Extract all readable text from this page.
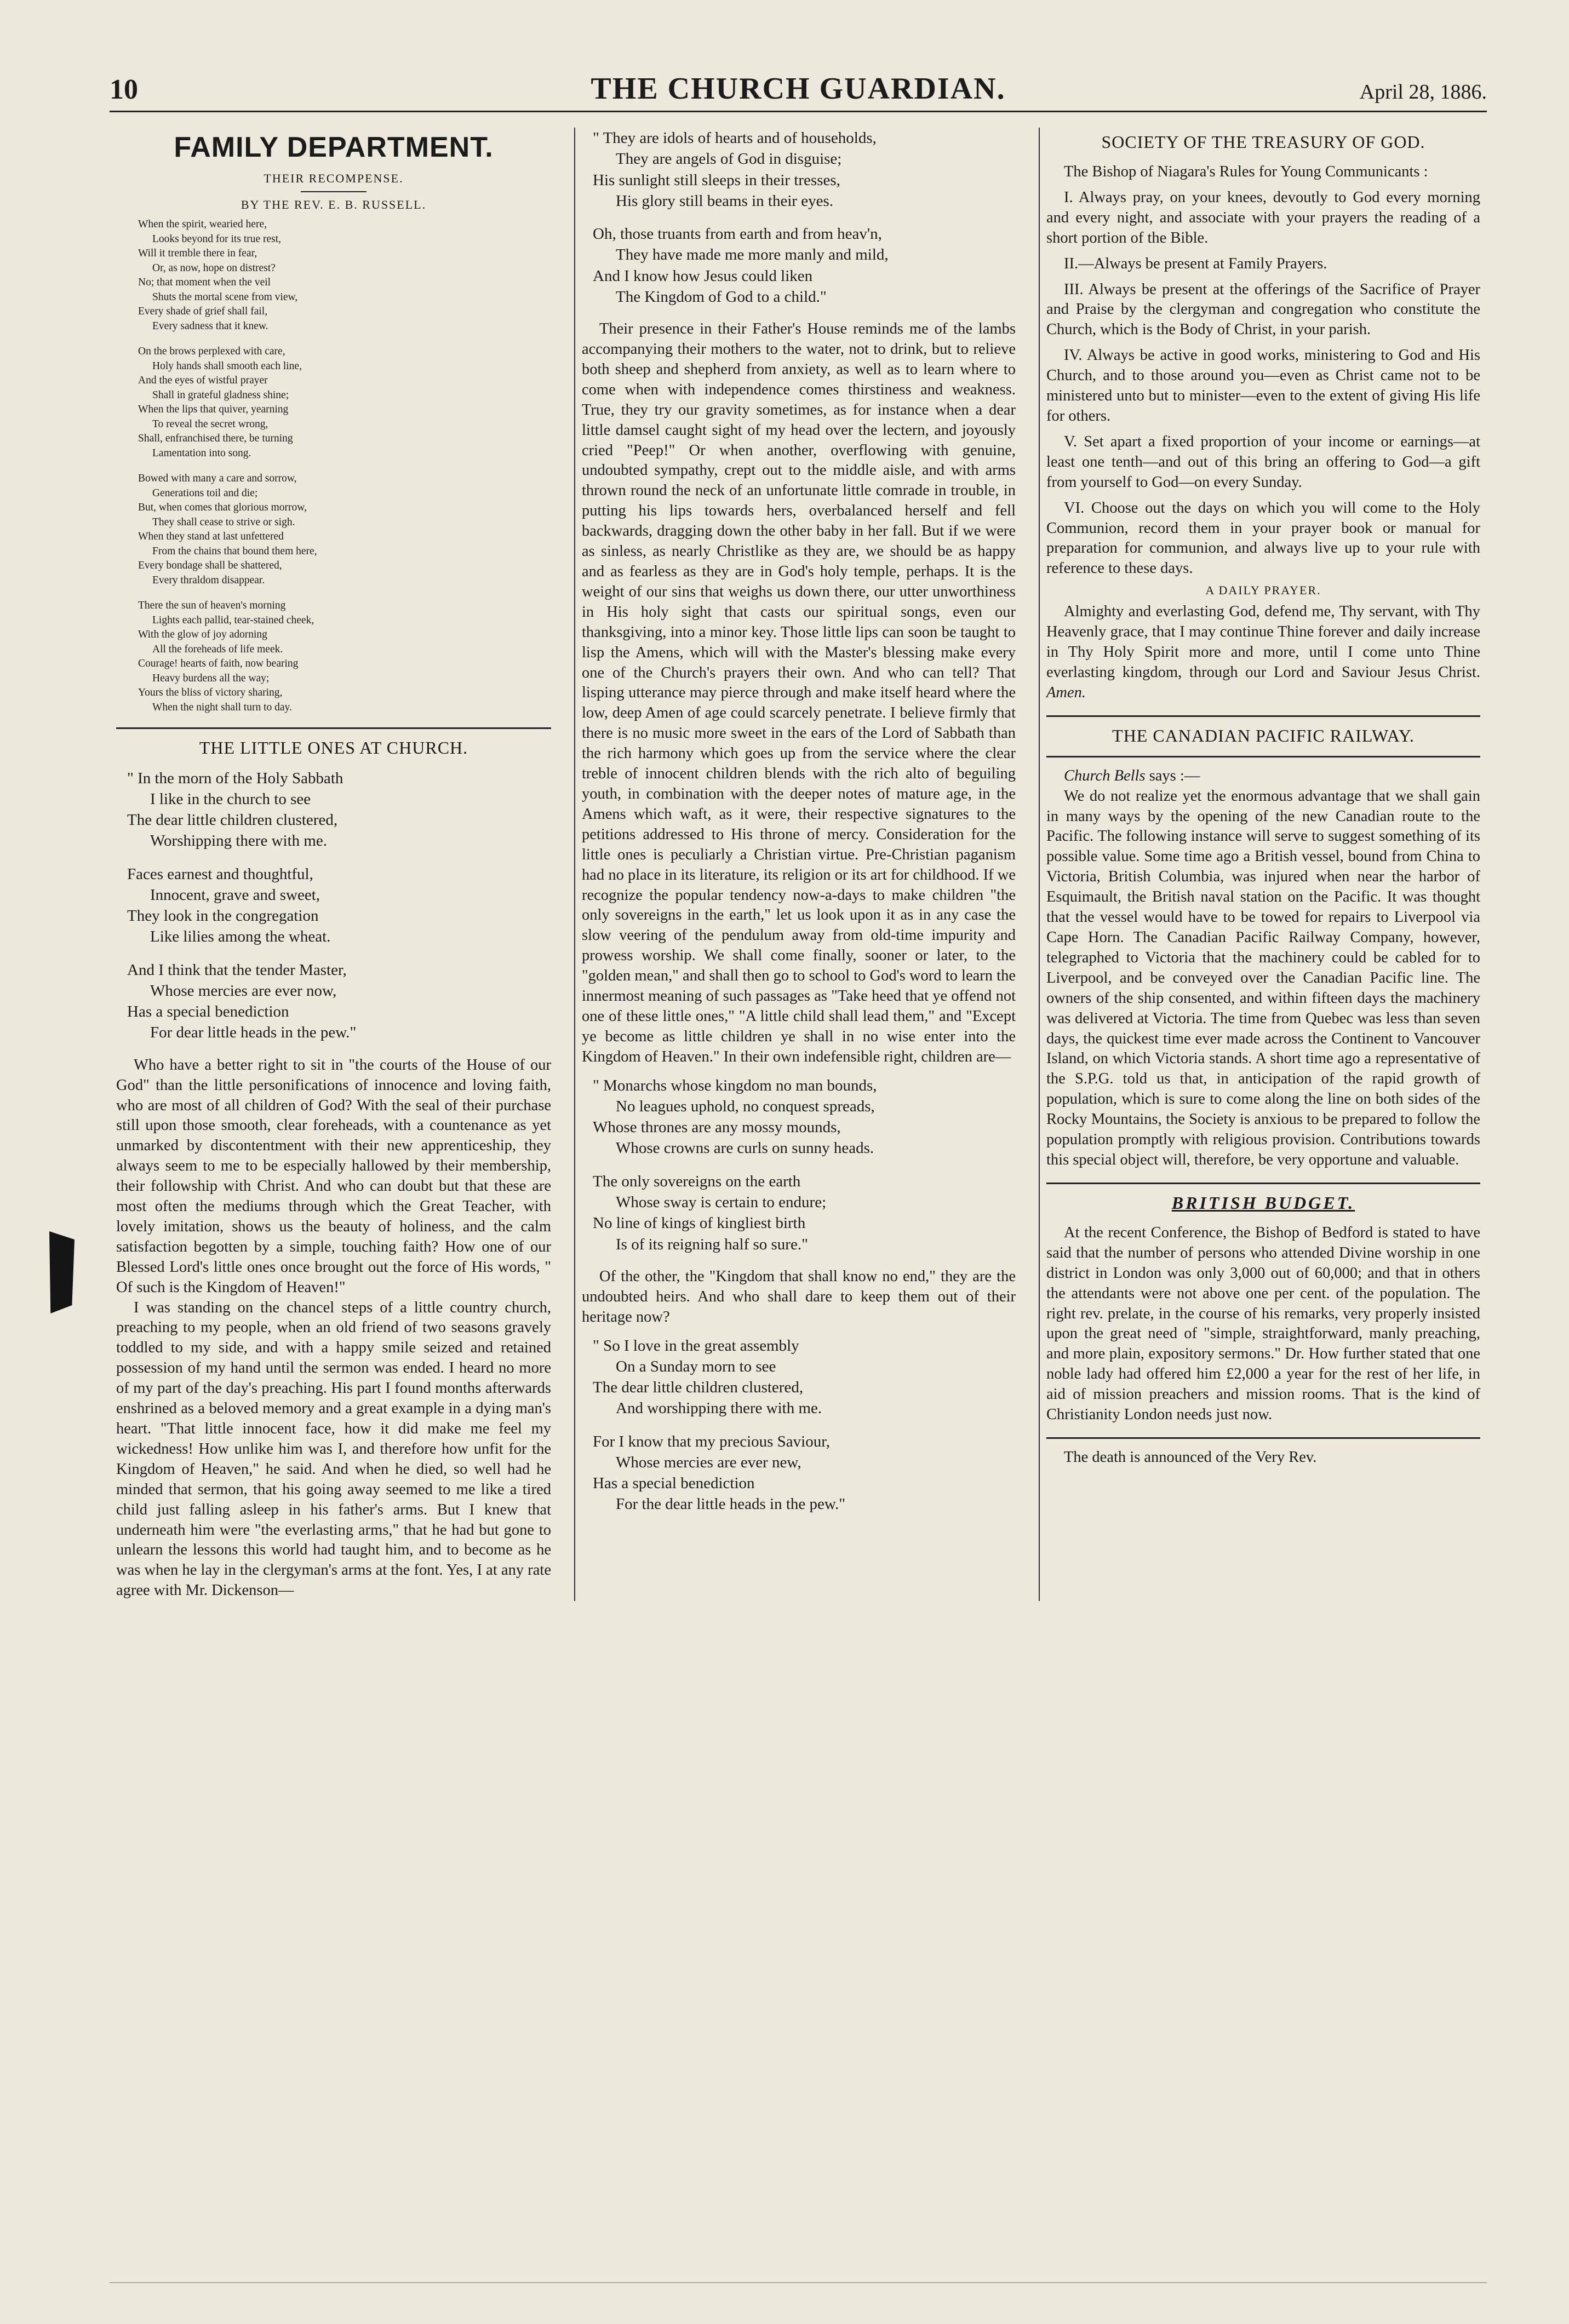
10	THE CHURCH GUARDIAN.	April 28, 1886.
FAMILY DEPARTMENT.
THEIR RECOMPENSE.
BY THE REV. E. B. RUSSELL.
When the spirit, wearied here,
Looks beyond for its true rest,
Will it tremble there in fear,
Or, as now, hope on distrest?
No; that moment when the veil
Shuts the mortal scene from view,
Every shade of grief shall fail,
Every sadness that it knew.
On the brows perplexed with care,
Holy hands shall smooth each line,
And the eyes of wistful prayer
Shall in grateful gladness shine;
When the lips that quiver, yearning
To reveal the secret wrong,
Shall, enfranchised there, be turning
Lamentation into song.
Bowed with many a care and sorrow,
Generations toil and die;
But, when comes that glorious morrow,
They shall cease to strive or sigh.
When they stand at last unfettered
From the chains that bound them here,
Every bondage shall be shattered,
Every thraldom disappear.
There the sun of heaven's morning
Lights each pallid, tear-stained cheek,
With the glow of joy adorning
All the foreheads of life meek.
Courage! hearts of faith, now bearing
Heavy burdens all the way;
Yours the bliss of victory sharing,
When the night shall turn to day.
THE LITTLE ONES AT CHURCH.
" In the morn of the Holy Sabbath
I like in the church to see
The dear little children clustered,
Worshipping there with me.
Faces earnest and thoughtful,
Innocent, grave and sweet,
They look in the congregation
Like lilies among the wheat.
And I think that the tender Master,
Whose mercies are ever now,
Has a special benediction
For dear little heads in the pew."

Who have a better right to sit in "the courts of the House of our God" than the little personifications of innocence and loving faith, who are most of all children of God? With the seal of their purchase still upon those smooth, clear foreheads, with a countenance as yet unmarked by discontentment with their new apprenticeship, they always seem to me to be especially hallowed by their membership, their followship with Christ. And who can doubt but that these are most often the mediums through which the Great Teacher, with lovely imitation, shows us the beauty of holiness, and the calm satisfaction begotten by a simple, touching faith? How one of our Blessed Lord's little ones once brought out the force of His words, " Of such is the Kingdom of Heaven!"

I was standing on the chancel steps of a little country church, preaching to my people, when an old friend of two seasons gravely toddled to my side, and with a happy smile seized and retained possession of my hand until the sermon was ended. I heard no more of my part of the day's preaching. His part I found months afterwards enshrined as a beloved memory and a great example in a dying man's heart. "That little innocent face, how it did make me feel my wickedness! How unlike him was I, and therefore how unfit for the Kingdom of Heaven," he said. And when he died, so well had he minded that sermon, that his going away seemed to me like a tired child just falling asleep in his father's arms. But I knew that underneath him were "the everlasting arms," that he had but gone to unlearn the lessons this world had taught him, and to become as he was when he lay in the clergyman's arms at the font. Yes, I at any rate agree with Mr. Dickenson—

" They are idols of hearts and of households,
They are angels of God in disguise;
His sunlight still sleeps in their tresses,
His glory still beams in their eyes.
Oh, those truants from earth and from heav'n,
They have made me more manly and mild,
And I know how Jesus could liken
The Kingdom of God to a child."

Their presence in their Father's House reminds me of the lambs accompanying their mothers to the water, not to drink, but to relieve both sheep and shepherd from anxiety, as well as to learn where to come when with independence comes thirstiness and weakness. True, they try our gravity sometimes, as for instance when a dear little damsel caught sight of my head over the lectern, and joyously cried "Peep!" Or when another, overflowing with genuine, undoubted sympathy, crept out to the middle aisle, and with arms thrown round the neck of an unfortunate little comrade in trouble, in putting his lips towards hers, overbalanced herself and fell backwards, dragging down the other baby in her fall. But if we were as sinless, as nearly Christlike as they are, we should be as happy and as fearless as they are in God's holy temple, perhaps. It is the weight of our sins that weighs us down there, our utter unworthiness in His holy sight that casts our spiritual songs, even our thanksgiving, into a minor key. Those little lips can soon be taught to lisp the Amens, which will with the Master's blessing make every one of the Church's prayers their own. And who can tell? That lisping utterance may pierce through and make itself heard where the low, deep Amen of age could scarcely penetrate. I believe firmly that there is no music more sweet in the ears of the Lord of Sabbath than the rich harmony which goes up from the service where the clear treble of innocent children blends with the rich alto of beguiling youth, in combination with the deeper notes of mature age, in the Amens which waft, as it were, their respective signatures to the petitions addressed to His throne of mercy. Consideration for the little ones is peculiarly a Christian virtue. Pre-Christian paganism had no place in its literature, its religion or its art for childhood. If we recognize the popular tendency now-a-days to make children "the only sovereigns in the earth," let us look upon it as in any case the slow veering of the pendulum away from old-time impurity and prowess worship. We shall come finally, sooner or later, to the "golden mean," and shall then go to school to God's word to learn the innermost meaning of such passages as "Take heed that ye offend not one of these little ones," "A little child shall lead them," and "Except ye become as little children ye shall in no wise enter into the Kingdom of Heaven." In their own indefensible right, children are—

" Monarchs whose kingdom no man bounds,
No leagues uphold, no conquest spreads,
Whose thrones are any mossy mounds,
Whose crowns are curls on sunny heads.
The only sovereigns on the earth
Whose sway is certain to endure;
No line of kings of kingliest birth
Is of its reigning half so sure."

Of the other, the "Kingdom that shall know no end," they are the undoubted heirs. And who shall dare to keep them out of their heritage now?

" So I love in the great assembly
On a Sunday morn to see
The dear little children clustered,
And worshipping there with me.
For I know that my precious Saviour,
Whose mercies are ever new,
Has a special benediction
For the dear little heads in the pew."
SOCIETY OF THE TREASURY OF GOD.

The Bishop of Niagara's Rules for Young Communicants :

I. Always pray, on your knees, devoutly to God every morning and every night, and associate with your prayers the reading of a short portion of the Bible.

II.—Always be present at Family Prayers.

III. Always be present at the offerings of the Sacrifice of Prayer and Praise by the clergyman and congregation who constitute the Church, which is the Body of Christ, in your parish.

IV. Always be active in good works, ministering to God and His Church, and to those around you—even as Christ came not to be ministered unto but to minister—even to the extent of giving His life for others.

V. Set apart a fixed proportion of your income or earnings—at least one tenth—and out of this bring an offering to God—a gift from yourself to God—on every Sunday.

VI. Choose out the days on which you will come to the Holy Communion, record them in your prayer book or manual for preparation for communion, and always live up to your rule with reference to these days.

A DAILY PRAYER.

Almighty and everlasting God, defend me, Thy servant, with Thy Heavenly grace, that I may continue Thine forever and daily increase in Thy Holy Spirit more and more, until I come unto Thine everlasting kingdom, through our Lord and Saviour Jesus Christ. Amen.

THE CANADIAN PACIFIC RAILWAY.

Church Bells says :—

We do not realize yet the enormous advantage that we shall gain in many ways by the opening of the new Canadian route to the Pacific. The following instance will serve to suggest something of its possible value. Some time ago a British vessel, bound from China to Victoria, British Columbia, was injured when near the harbor of Esquimault, the British naval station on the Pacific. It was thought that the vessel would have to be towed for repairs to Liverpool via Cape Horn. The Canadian Pacific Railway Company, however, telegraphed to Victoria that the machinery could be cabled for to Liverpool, and be conveyed over the Canadian Pacific line. The owners of the ship consented, and within fifteen days the machinery was delivered at Victoria. The time from Quebec was less than seven days, the quickest time ever made across the Continent to Vancouver Island, on which Victoria stands. A short time ago a representative of the S.P.G. told us that, in anticipation of the rapid growth of population, which is sure to come along the line on both sides of the Rocky Mountains, the Society is anxious to be prepared to follow the population promptly with religious provision. Contributions towards this special object will, therefore, be very opportune and valuable.

BRITISH BUDGET.

At the recent Conference, the Bishop of Bedford is stated to have said that the number of persons who attended Divine worship in one district in London was only 3,000 out of 60,000; and that in others the attendants were not above one per cent. of the population. The right rev. prelate, in the course of his remarks, very properly insisted upon the great need of "simple, straightforward, manly preaching, and more plain, expository sermons." Dr. How further stated that one noble lady had offered him £2,000 a year for the rest of her life, in aid of mission preachers and mission rooms. That is the kind of Christianity London needs just now.

The death is announced of the Very Rev.
